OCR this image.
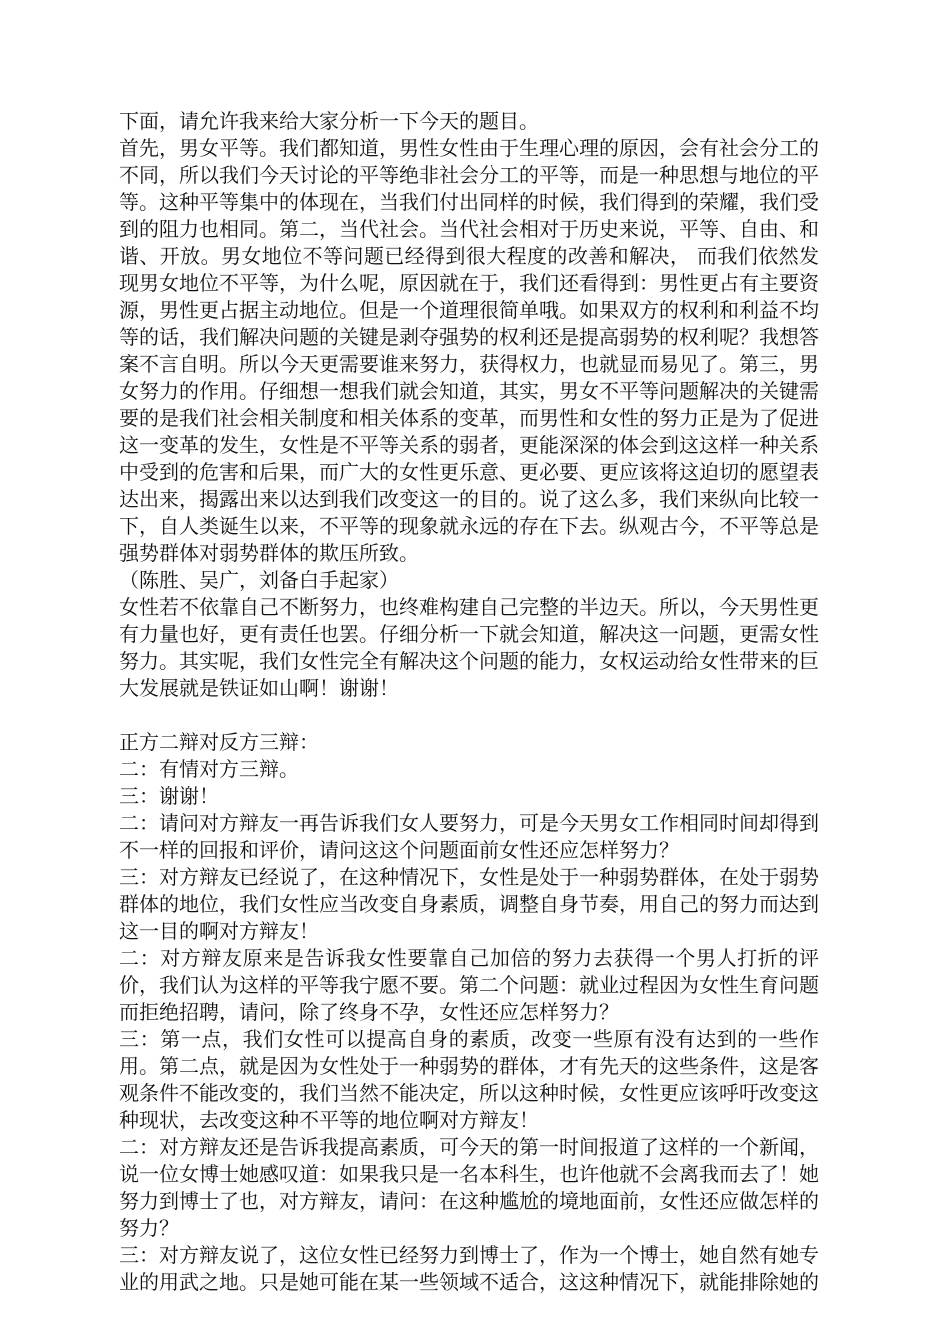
下面，请允许我来给大家分析一下今天的题目。

首先，男女平等。我们都知道，男性女性由于生理心理的原因，会有社会分工的不同，所以我们今天讨论的平等绝非社会分工的平等，而是一种思想与地位的平等。这种平等集中的体现在，当我们付出同样的时候，我们得到的荣耀，我们受到的阻力也相同。第二，当代社会。当代社会相对于历史来说，平等、自由、和谐、开放。男女地位不等问题已经得到很大程度的改善和解决， 而我们依然发现男女地位不平等，为什么呢，原因就在于，我们还看得到：男性更占有主要资源，男性更占据主动地位。但是一个道理很简单哦。如果双方的权利和利益不均等的话，我们解决问题的关键是剥夺强势的权利还是提高弱势的权利呢？我想答案不言自明。所以今天更需要谁来努力，获得权力，也就显而易见了。第三，男女努力的作用。仔细想一想我们就会知道，其实，男女不平等问题解决的关键需要的是我们社会相关制度和相关体系的变革，而男性和女性的努力正是为了促进这一变革的发生，女性是不平等关系的弱者，更能深深的体会到这这样一种关系中受到的危害和后果，而广大的女性更乐意、更必要、更应该将这迫切的愿望表达出来，揭露出来以达到我们改变这一的目的。说了这么多，我们来纵向比较一下，自人类诞生以来，不平等的现象就永远的存在下去。纵观古今，不平等总是强势群体对弱势群体的欺压所致。

（陈胜、吴广，刘备白手起家）

女性若不依靠自己不断努力，也终难构建自己完整的半边天。所以，今天男性更有力量也好，更有责任也罢。仔细分析一下就会知道，解决这一问题，更需女性努力。其实呢，我们女性完全有解决这个问题的能力，女权运动给女性带来的巨大发展就是铁证如山啊！谢谢！

正方二辩对反方三辩：

二：有情对方三辩。

三：谢谢！

二：请问对方辩友一再告诉我们女人要努力，可是今天男女工作相同时间却得到不一样的回报和评价，请问这这个问题面前女性还应怎样努力？

三：对方辩友已经说了，在这种情况下，女性是处于一种弱势群体，在处于弱势群体的地位，我们女性应当改变自身素质，调整自身节奏，用自己的努力而达到这一目的啊对方辩友！

二：对方辩友原来是告诉我女性要靠自己加倍的努力去获得一个男人打折的评价，我们认为这样的平等我宁愿不要。第二个问题：就业过程因为女性生育问题而拒绝招聘，请问，除了终身不孕，女性还应怎样努力？

三：第一点，我们女性可以提高自身的素质，改变一些原有没有达到的一些作用。第二点，就是因为女性处于一种弱势的群体，才有先天的这些条件，这是客观条件不能改变的，我们当然不能决定，所以这种时候，女性更应该呼吁改变这种现状，去改变这种不平等的地位啊对方辩友！

二：对方辩友还是告诉我提高素质，可今天的第一时间报道了这样的一个新闻，说一位女博士她感叹道：如果我只是一名本科生，也许他就不会离我而去了！她努力到博士了也，对方辩友，请问：在这种尴尬的境地面前，女性还应做怎样的努力？

三：对方辩友说了，这位女性已经努力到博士了，作为一个博士，她自然有她专业的用武之地。只是她可能在某一些领域不适合，这这种情况下，就能排除她的
